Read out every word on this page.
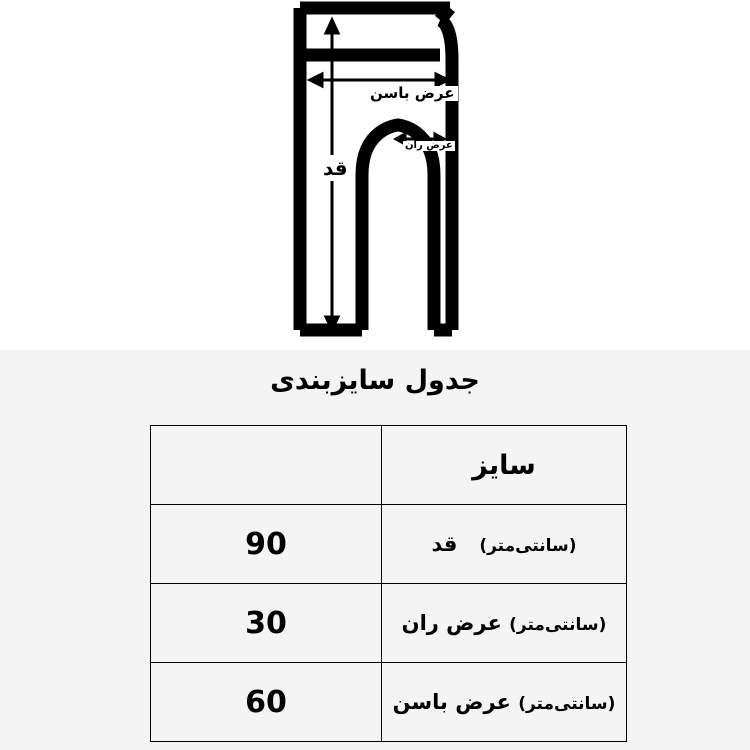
عرض باسن
عرض ران
قد
جدول سایزبندی
سایز	
(سانتی‌متر)   قد	90
(سانتی‌متر) عرض ران	30
(سانتی‌متر) عرض باسن	60
